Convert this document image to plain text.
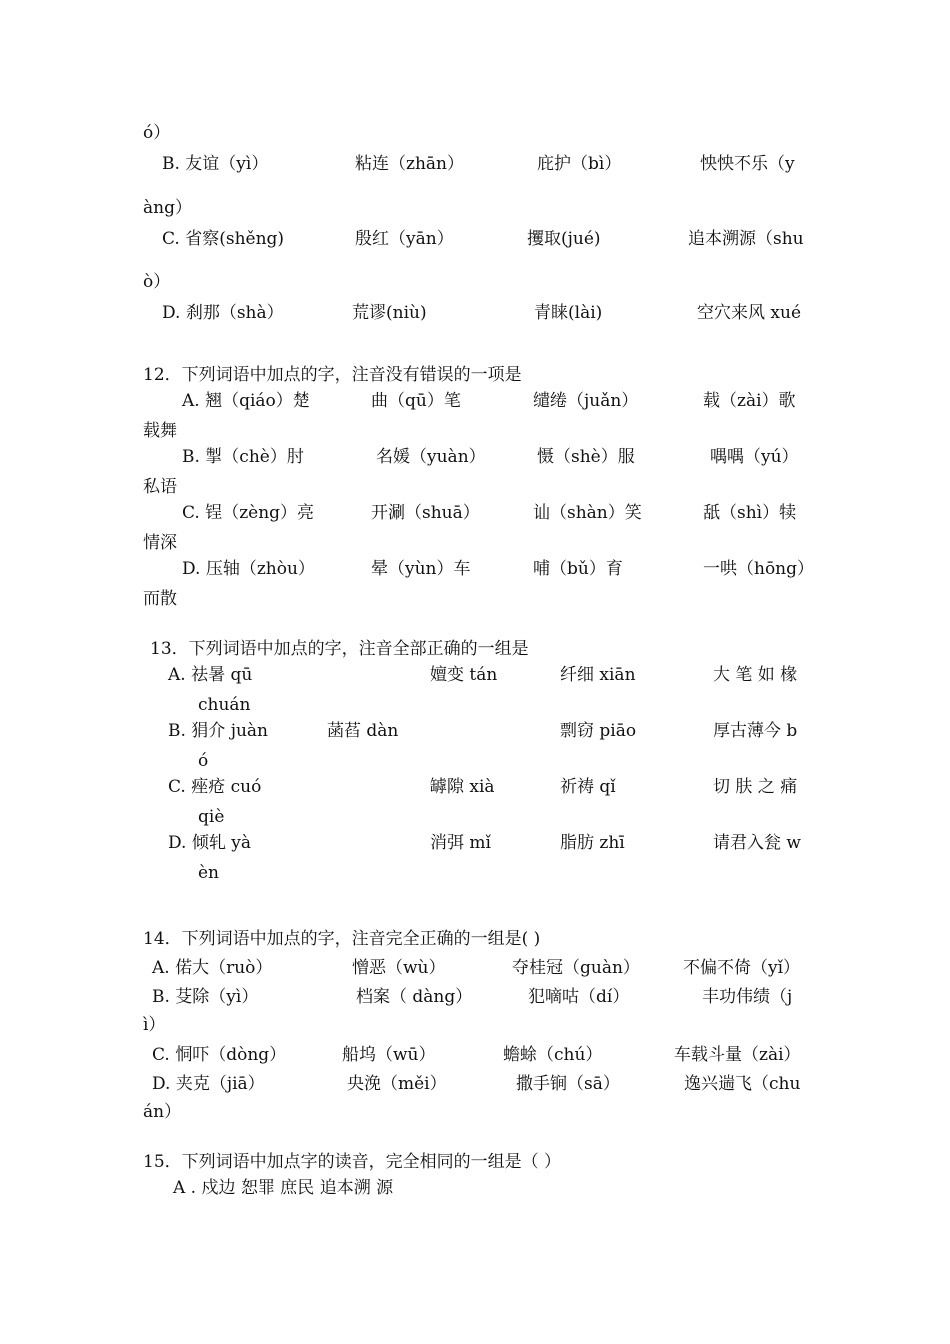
ó）
B. 友谊（yì）	粘连（zhān）	庇护（bì）	怏怏不乐（y
àng）
C. 省察(shěng)	殷红（yān）	攫取(jué)	追本溯源（shu
ò）
D. 刹那（shà）	荒谬(niù)	青睐(lài)	空穴来风 xué
12．下列词语中加点的字，注音没有错误的一项是
A. 翘（qiáo）楚	曲（qū）笔	缱绻（juǎn）	载（zài）歌
载舞
B. 掣（chè）肘	名媛（yuàn）	慑（shè）服	喁喁（yú）
私语
C. 锃（zèng）亮	开涮（shuā）	讪（shàn）笑	舐（shì）犊
情深
D. 压轴（zhòu）	晕（yùn）车	哺（bǔ）育	一哄（hōng）
而散
13．下列词语中加点的字，注音全部正确的一组是
A. 祛暑 qū	嬗变 tán	纤细 xiān	大 笔 如 椽
chuán
B. 狷介 juàn	菡萏 dàn	剽窃 piāo	厚古薄今 b
ó
C. 痤疮 cuó	罅隙 xià	祈祷 qǐ	切 肤 之 痛
qiè
D. 倾轧 yà	消弭 mǐ	脂肪 zhī	请君入瓮 w
èn
14．下列词语中加点的字，注音完全正确的一组是( )
A. 偌大（ruò）	憎恶（wù）	夺桂冠（guàn）	不偏不倚（yǐ）
B. 芟除（yì）	档案（ dàng）	犯嘀咕（dí）	丰功伟绩（j
ì）
C. 恫吓（dòng）	船坞（wū）	蟾蜍（chú）	车载斗量（zài）
D. 夹克（jiā）	央浼（měi）	撒手锏（sā）	逸兴遄飞（chu
án）
15．下列词语中加点字的读音，完全相同的一组是（ ）
A . 戍边 恕罪 庶民 追本溯 源
